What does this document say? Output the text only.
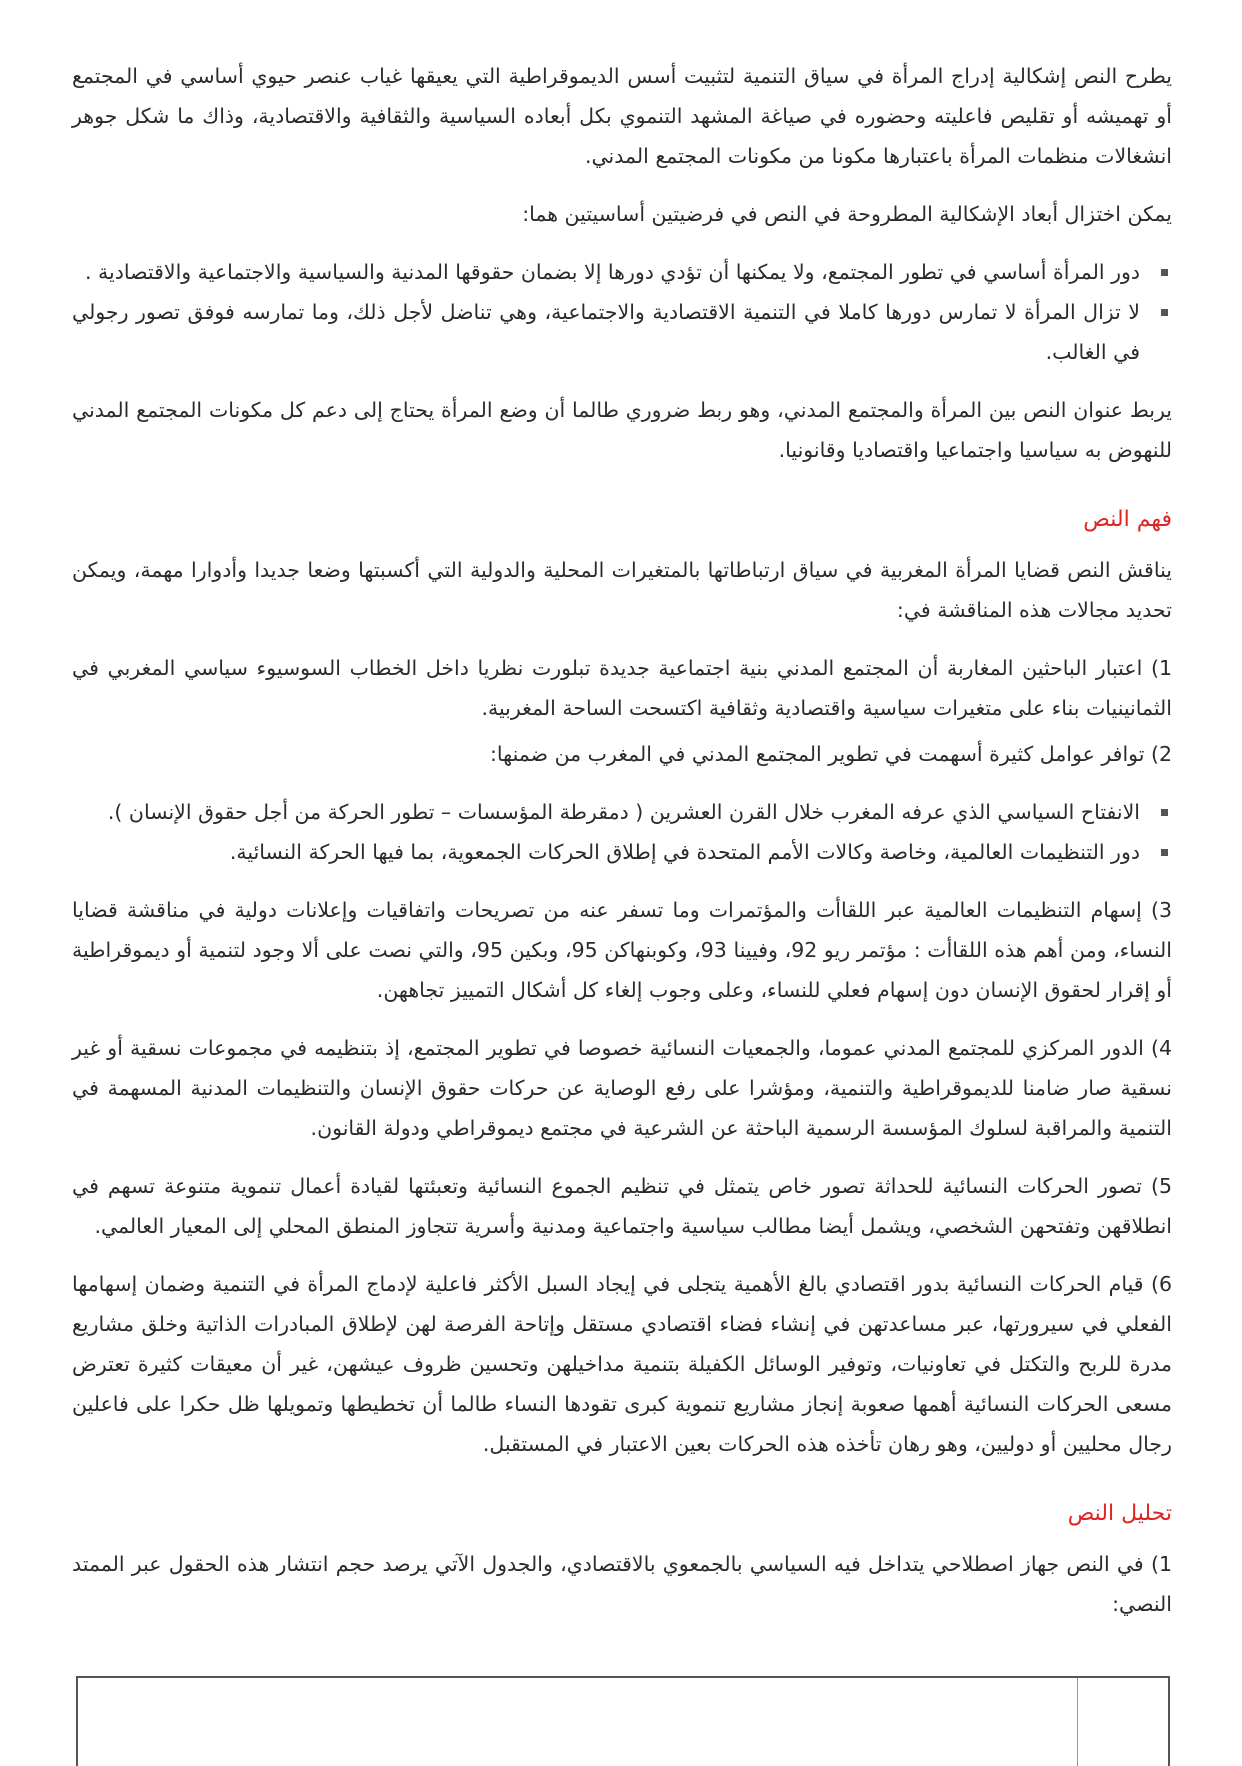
يطرح النص إشكالية إدراج المرأة في سياق التنمية لتثبيت أسس الديموقراطية التي يعيقها غياب عنصر حيوي أساسي في المجتمع أو تهميشه أو تقليص فاعليته وحضوره في صياغة المشهد التنموي بكل أبعاده السياسية والثقافية والاقتصادية، وذاك ما شكل جوهر انشغالات منظمات المرأة باعتبارها مكونا من مكونات المجتمع المدني.

يمكن اختزال أبعاد الإشكالية المطروحة في النص في فرضيتين أساسيتين هما:

دور المرأة أساسي في تطور المجتمع، ولا يمكنها أن تؤدي دورها إلا بضمان حقوقها المدنية والسياسية والاجتماعية والاقتصادية .
لا تزال المرأة لا تمارس دورها كاملا في التنمية الاقتصادية والاجتماعية، وهي تناضل لأجل ذلك، وما تمارسه فوفق تصور رجولي في الغالب.

يربط عنوان النص بين المرأة والمجتمع المدني، وهو ربط ضروري طالما أن وضع المرأة يحتاج إلى دعم كل مكونات المجتمع المدني للنهوض به سياسيا واجتماعيا واقتصاديا وقانونيا.

فهم النص

يناقش النص قضايا المرأة المغربية في سياق ارتباطاتها بالمتغيرات المحلية والدولية التي أكسبتها وضعا جديدا وأدوارا مهمة، ويمكن تحديد مجالات هذه المناقشة في:

1) اعتبار الباحثين المغاربة أن المجتمع المدني بنية اجتماعية جديدة تبلورت نظريا داخل الخطاب السوسيوء سياسي المغربي في الثمانينيات بناء على متغيرات سياسية واقتصادية وثقافية اكتسحت الساحة المغربية.

2) توافر عوامل كثيرة أسهمت في تطوير المجتمع المدني في المغرب من ضمنها:

الانفتاح السياسي الذي عرفه المغرب خلال القرن العشرين ( دمقرطة المؤسسات – تطور الحركة من أجل حقوق الإنسان ).
دور التنظيمات العالمية، وخاصة وكالات الأمم المتحدة في إطلاق الحركات الجمعوية، بما فيها الحركة النسائية.

3) إسهام التنظيمات العالمية عبر اللقاأت والمؤتمرات وما تسفر عنه من تصريحات واتفاقيات وإعلانات دولية في مناقشة قضايا النساء، ومن أهم هذه اللقاأت : مؤتمر ريو 92، وفيينا 93، وكوبنهاكن 95، وبكين 95، والتي نصت على ألا وجود لتنمية أو ديموقراطية أو إقرار لحقوق الإنسان دون إسهام فعلي للنساء، وعلى وجوب إلغاء كل أشكال التمييز تجاههن.

4) الدور المركزي للمجتمع المدني عموما، والجمعيات النسائية خصوصا في تطوير المجتمع، إذ بتنظيمه في مجموعات نسقية أو غير نسقية صار ضامنا للديموقراطية والتنمية، ومؤشرا على رفع الوصاية عن حركات حقوق الإنسان والتنظيمات المدنية المسهمة في التنمية والمراقبة لسلوك المؤسسة الرسمية الباحثة عن الشرعية في مجتمع ديموقراطي ودولة القانون.

5) تصور الحركات النسائية للحداثة تصور خاص يتمثل في تنظيم الجموع النسائية وتعبئتها لقيادة أعمال تنموية متنوعة تسهم في انطلاقهن وتفتحهن الشخصي، ويشمل أيضا مطالب سياسية واجتماعية ومدنية وأسرية تتجاوز المنطق المحلي إلى المعيار العالمي.

6) قيام الحركات النسائية بدور اقتصادي بالغ الأهمية يتجلى في إيجاد السبل الأكثر فاعلية لإدماج المرأة في التنمية وضمان إسهامها الفعلي في سيرورتها، عبر مساعدتهن في إنشاء فضاء اقتصادي مستقل وإتاحة الفرصة لهن لإطلاق المبادرات الذاتية وخلق مشاريع مدرة للربح والتكتل في تعاونيات، وتوفير الوسائل الكفيلة بتنمية مداخيلهن وتحسين ظروف عيشهن، غير أن معيقات كثيرة تعترض مسعى الحركات النسائية أهمها صعوبة إنجاز مشاريع تنموية كبرى تقودها النساء طالما أن تخطيطها وتمويلها ظل حكرا على فاعلين رجال محليين أو دوليين، وهو رهان تأخذه هذه الحركات بعين الاعتبار في المستقبل.

تحليل النص

1) في النص جهاز اصطلاحي يتداخل فيه السياسي بالجمعوي بالاقتصادي، والجدول الآتي يرصد حجم انتشار هذه الحقول عبر الممتد النصي:
